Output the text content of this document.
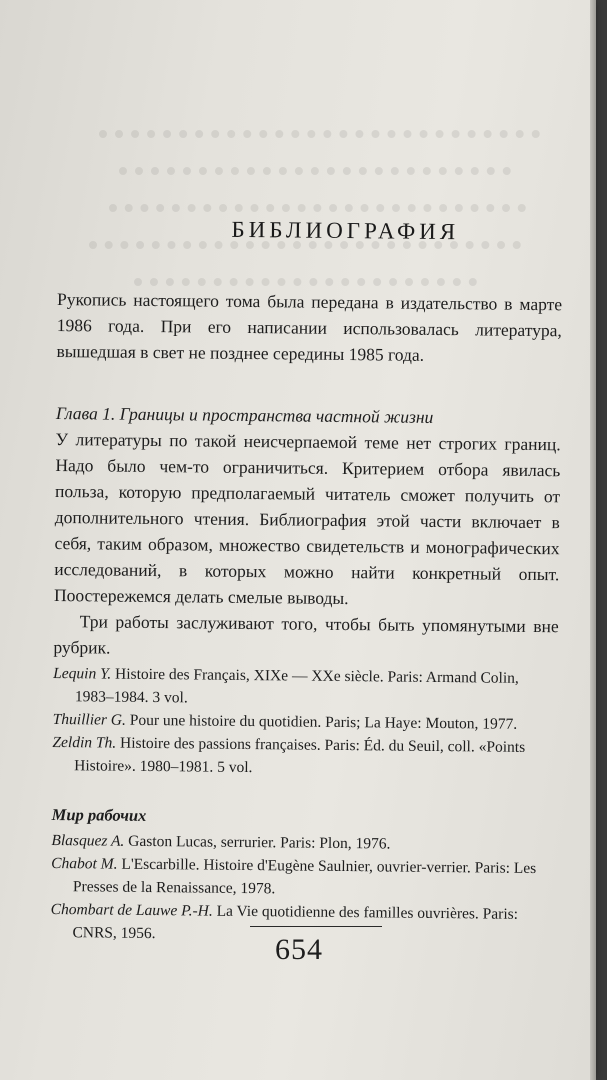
БИБЛИОГРАФИЯ

Рукопись настоящего тома была передана в издательство в марте 1986 года. При его написании использовалась литература, вышедшая в свет не позднее середины 1985 года.

Глава 1. Границы и пространства частной жизни

У литературы по такой неисчерпаемой теме нет строгих границ. Надо было чем-то ограничиться. Критерием отбора явилась польза, которую предполагаемый читатель сможет получить от дополнительного чтения. Библиография этой части включает в себя, таким образом, множество свидетельств и монографических исследований, в которых можно найти конкретный опыт. Поостережемся делать смелые выводы.

Три работы заслуживают того, чтобы быть упомянутыми вне рубрик.

Lequin Y. Histoire des Français, XIXe — XXe siècle. Paris: Armand Colin, 1983–1984. 3 vol.

Thuillier G. Pour une histoire du quotidien. Paris; La Haye: Mouton, 1977.

Zeldin Th. Histoire des passions françaises. Paris: Éd. du Seuil, coll. «Points Histoire». 1980–1981. 5 vol.

Мир рабочих

Blasquez A. Gaston Lucas, serrurier. Paris: Plon, 1976.

Chabot M. L'Escarbille. Histoire d'Eugène Saulnier, ouvrier-verrier. Paris: Les Presses de la Renaissance, 1978.

Chombart de Lauwe P.-H. La Vie quotidienne des familles ouvrières. Paris: CNRS, 1956.	654
